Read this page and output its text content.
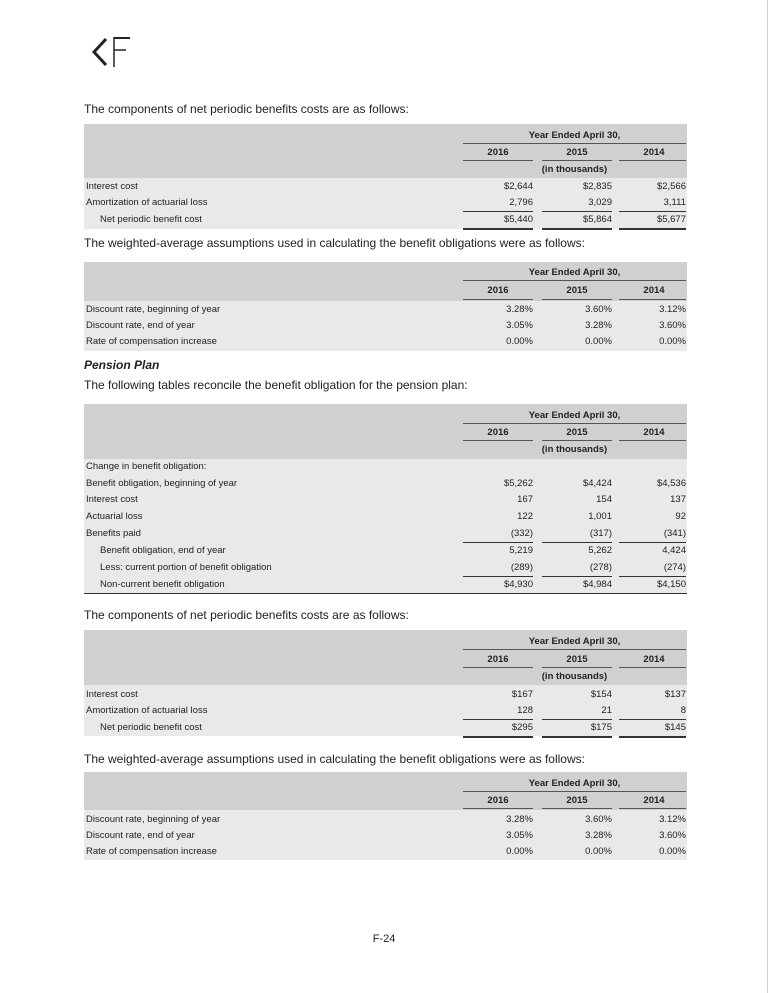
The components of net periodic benefits costs are as follows:
Year Ended April 30,
2016	2015	2014
(in thousands)
Interest cost	$2,644	$2,835	$2,566
Amortization of actuarial loss	2,796	3,029	3,111
Net periodic benefit cost	$5,440	$5,864	$5,677
The weighted-average assumptions used in calculating the benefit obligations were as follows:
Year Ended April 30,
2016	2015	2014
Discount rate, beginning of year	3.28%	3.60%	3.12%
Discount rate, end of year	3.05%	3.28%	3.60%
Rate of compensation increase	0.00%	0.00%	0.00%
Pension Plan
The following tables reconcile the benefit obligation for the pension plan:
Year Ended April 30,
2016	2015	2014
(in thousands)
Change in benefit obligation:
Benefit obligation, beginning of year	$5,262	$4,424	$4,536
Interest cost	167	154	137
Actuarial loss	122	1,001	92
Benefits paid	(332)	(317)	(341)
Benefit obligation, end of year	5,219	5,262	4,424
Less: current portion of benefit obligation	(289)	(278)	(274)
Non-current benefit obligation	$4,930	$4,984	$4,150
The components of net periodic benefits costs are as follows:
Year Ended April 30,
2016	2015	2014
(in thousands)
Interest cost	$167	$154	$137
Amortization of actuarial loss	128	21	8
Net periodic benefit cost	$295	$175	$145
The weighted-average assumptions used in calculating the benefit obligations were as follows:
Year Ended April 30,
2016	2015	2014
Discount rate, beginning of year	3.28%	3.60%	3.12%
Discount rate, end of year	3.05%	3.28%	3.60%
Rate of compensation increase	0.00%	0.00%	0.00%
F-24
